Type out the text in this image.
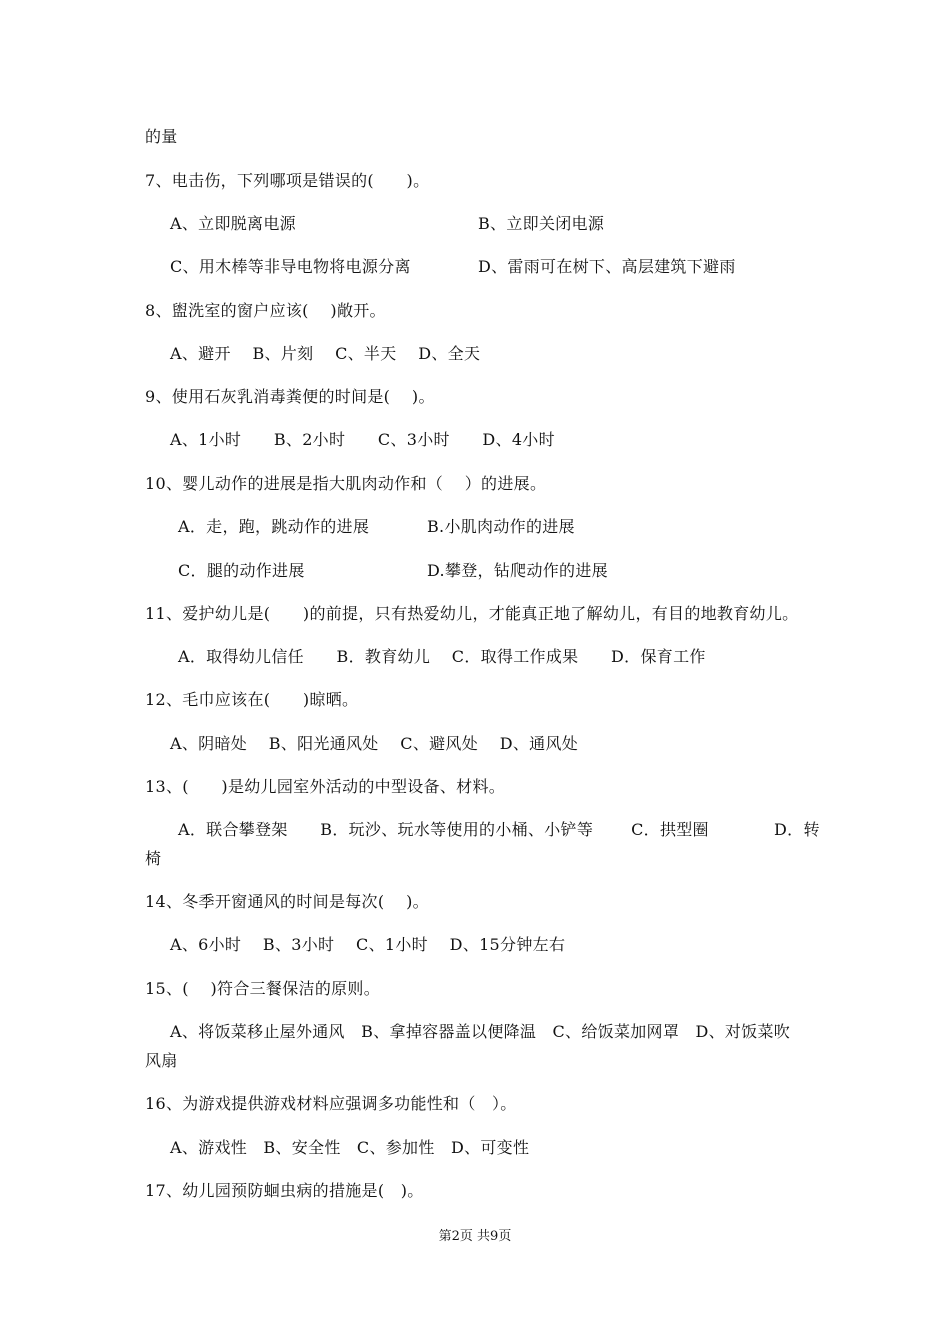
的量
7、电击伤，下列哪项是错误的(　　)。
A、立即脱离电源	B、立即关闭电源
C、用木棒等非导电物将电源分离	D、雷雨可在树下、高层建筑下避雨
8、盥洗室的窗户应该(　 )敞开。
A、避开　 B、片刻　 C、半天　 D、全天
9、使用石灰乳消毒粪便的时间是(　 )。
A、1小时　　B、2小时　　C、3小时　　D、4小时
10、婴儿动作的进展是指大肌肉动作和（　 ）的进展。
A．走，跑，跳动作的进展	B.小肌肉动作的进展
C．腿的动作进展	D.攀登，钻爬动作的进展
11、爱护幼儿是(　　)的前提，只有热爱幼儿，才能真正地了解幼儿，有目的地教育幼儿。
A．取得幼儿信任　　B．教育幼儿　 C．取得工作成果　　D．保育工作
12、毛巾应该在(　　)晾晒。
A、阴暗处　 B、阳光通风处　 C、避风处　 D、通风处
13、(　　)是幼儿园室外活动的中型设备、材料。
A．联合攀登架　　B．玩沙、玩水等使用的小桶、小铲等　　 C．拱型圈　　　　D．转
椅
14、冬季开窗通风的时间是每次(　 )。
A、6小时　 B、3小时　 C、1小时　 D、15分钟左右
15、(　 )符合三餐保洁的原则。
A、将饭菜移止屋外通风　B、拿掉容器盖以便降温　C、给饭菜加网罩　D、对饭菜吹
风扇
16、为游戏提供游戏材料应强调多功能性和（　）。
A、游戏性　B、安全性　C、参加性　D、可变性
17、幼儿园预防蛔虫病的措施是(　)。
第2页 共9页
